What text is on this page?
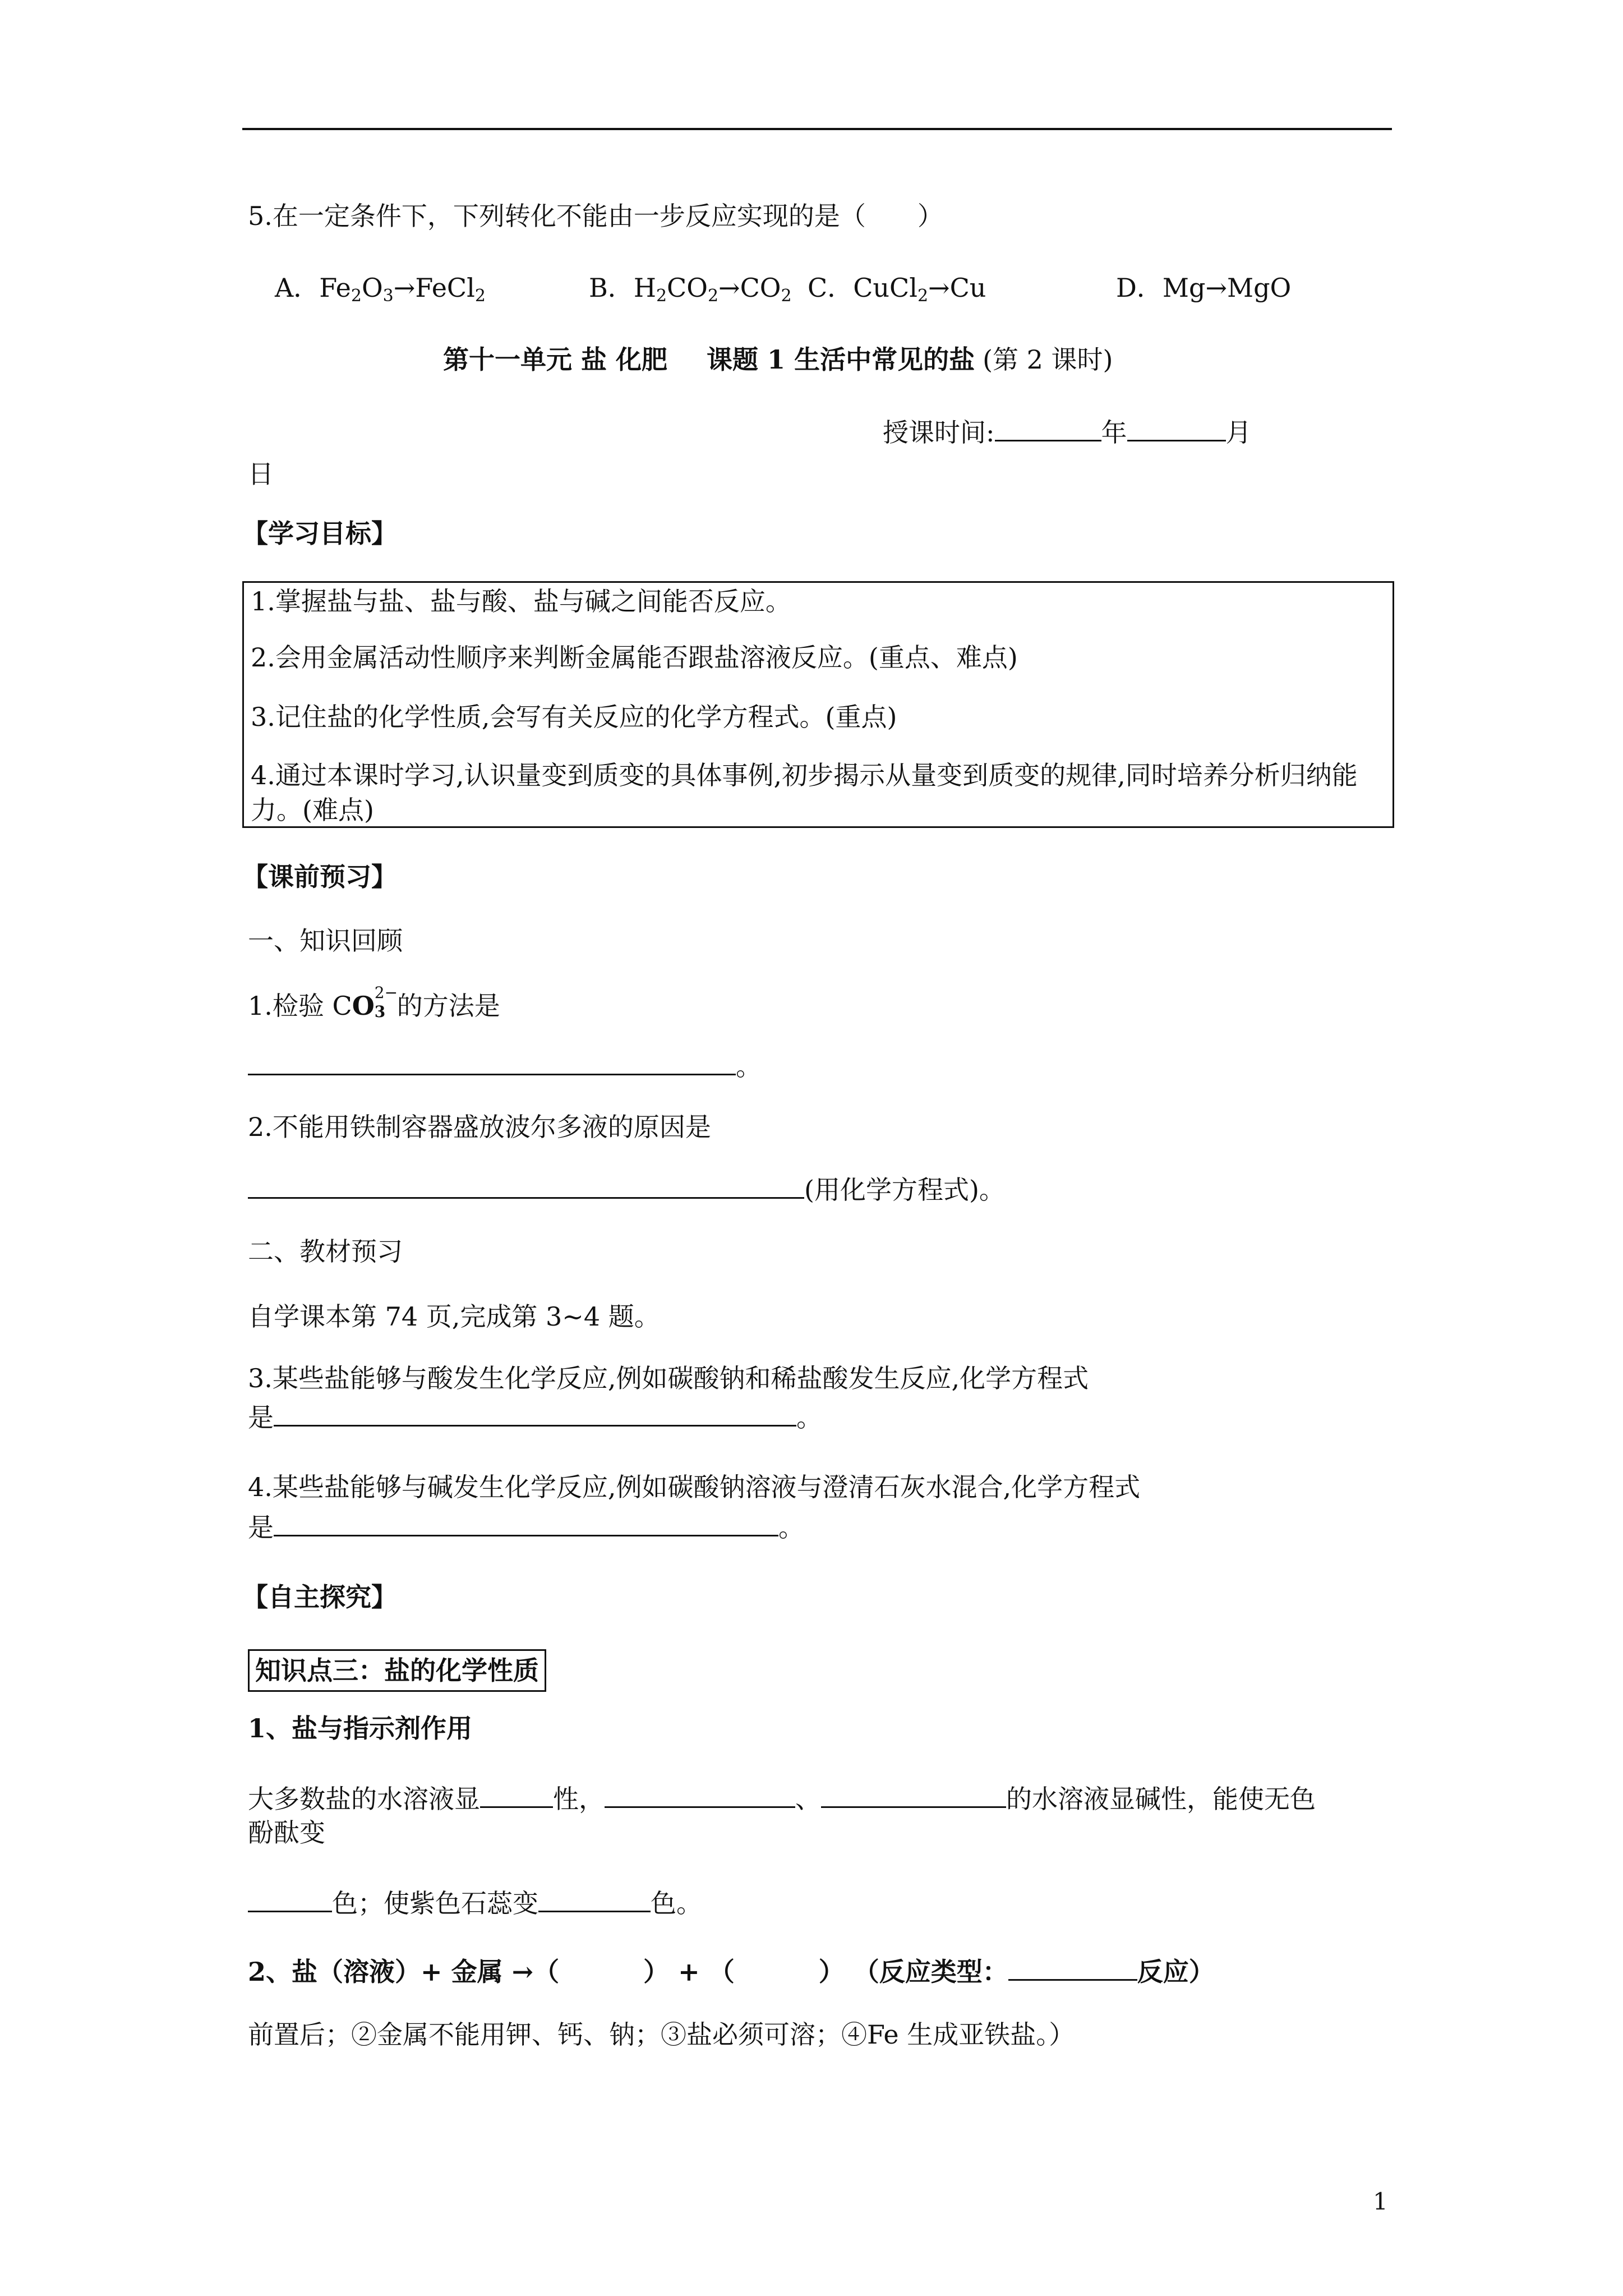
5.在一定条件下，下列转化不能由一步反应实现的是（　　）
A．Fe2O3→FeCl2	B．H2CO2→CO2 C．CuCl2→Cu	D．Mg→MgO
第十一单元 盐 化肥 课题 1 生活中常见的盐 (第 2 课时)
授课时间:	年	月
日
【学习目标】
1.掌握盐与盐、盐与酸、盐与碱之间能否反应。
2.会用金属活动性顺序来判断金属能否跟盐溶液反应。(重点、难点)
3.记住盐的化学性质,会写有关反应的化学方程式。(重点)
4.通过本课时学习,认识量变到质变的具体事例,初步揭示从量变到质变的规律,同时培养分析归纳能力。(难点)
【课前预习】
一、知识回顾
1.检验 CO 2−
3 的方法是
。
2.不能用铁制容器盛放波尔多液的原因是
(用化学方程式)。
二、教材预习
自学课本第 74 页,完成第 3~4 题。
3.某些盐能够与酸发生化学反应,例如碳酸钠和稀盐酸发生反应,化学方程式
是	。
4.某些盐能够与碱发生化学反应,例如碳酸钠溶液与澄清石灰水混合,化学方程式
是	。
【自主探究】
知识点三：盐的化学性质
1、盐与指示剂作用
大多数盐的水溶液显	性，	、	的水溶液显碱性，能使无色
酚酞变
色；使紫色石蕊变	色。
2、盐（溶液）+ 金属 →（	） + （	） （反应类型：	反应）
前置后；②金属不能用钾、钙、钠；③盐必须可溶；④Fe 生成亚铁盐。）
1
